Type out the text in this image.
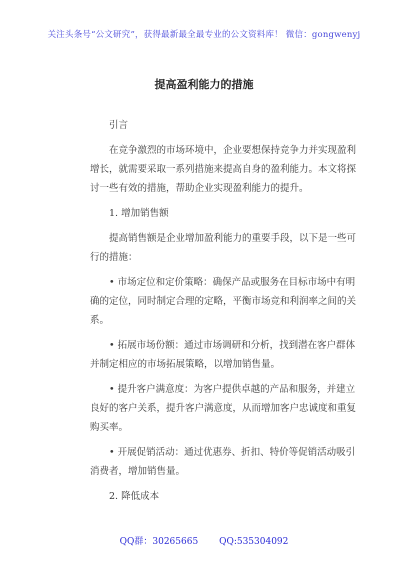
关注头条号“公文研究”，获得最新最全最专业的公文资料库！ 微信：gongwenyj
提高盈利能力的措施

引言

在竞争激烈的市场环境中，企业要想保持竞争力并实现盈利增长，就需要采取一系列措施来提高自身的盈利能力。本文将探讨一些有效的措施，帮助企业实现盈利能力的提升。

1. 增加销售额

提高销售额是企业增加盈利能力的重要手段，以下是一些可行的措施：

• 市场定位和定价策略：确保产品或服务在目标市场中有明确的定位，同时制定合理的定略，平衡市场竞和利润率之间的关系。

• 拓展市场份额：通过市场调研和分析，找到潜在客户群体并制定相应的市场拓展策略，以增加销售量。

• 提升客户满意度：为客户提供卓越的产品和服务，并建立良好的客户关系，提升客户满意度，从而增加客户忠诚度和重复购买率。

• 开展促销活动：通过优惠券、折扣、特价等促销活动吸引消费者，增加销售量。

2. 降低成本

QQ群：30265665 QQ:535304092
